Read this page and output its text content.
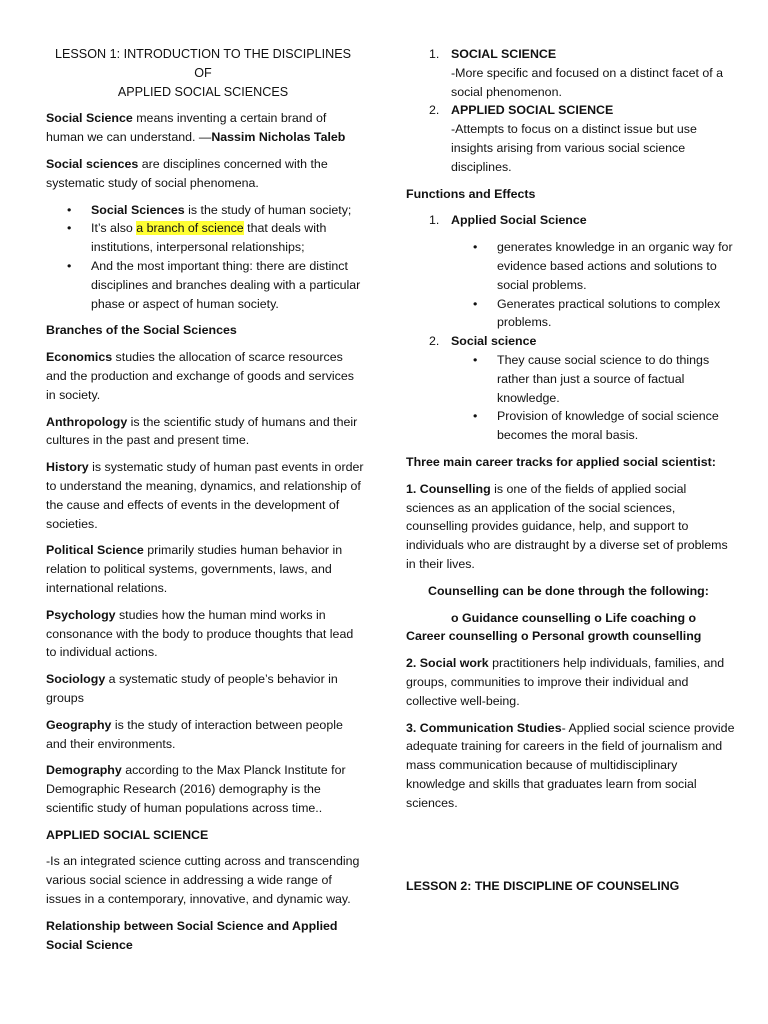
LESSON 1: INTRODUCTION TO THE DISCIPLINES OF
APPLIED SOCIAL SCIENCES

Social Science means inventing a certain brand of human we can understand. —Nassim Nicholas Taleb

Social sciences are disciplines concerned with the systematic study of social phenomena.

• Social Sciences is the study of human society;
• It’s also a branch of science that deals with institutions, interpersonal relationships;
• And the most important thing: there are distinct disciplines and branches dealing with a particular phase or aspect of human society.

Branches of the Social Sciences

Economics studies the allocation of scarce resources and the production and exchange of goods and services in society.

Anthropology is the scientific study of humans and their cultures in the past and present time.

History is systematic study of human past events in order to understand the meaning, dynamics, and relationship of the cause and effects of events in the development of societies.

Political Science primarily studies human behavior in relation to political systems, governments, laws, and international relations.

Psychology studies how the human mind works in consonance with the body to produce thoughts that lead to individual actions.

Sociology a systematic study of people’s behavior in groups

Geography is the study of interaction between people and their environments.

Demography according to the Max Planck Institute for Demographic Research (2016) demography is the scientific study of human populations across time..

APPLIED SOCIAL SCIENCE

-Is an integrated science cutting across and transcending various social science in addressing a wide range of issues in a contemporary, innovative, and dynamic way.

Relationship between Social Science and Applied Social Science

1. SOCIAL SCIENCE
-More specific and focused on a distinct facet of a social phenomenon.
2. APPLIED SOCIAL SCIENCE
-Attempts to focus on a distinct issue but use insights arising from various social science disciplines.

Functions and Effects

1. Applied Social Science
• generates knowledge in an organic way for evidence based actions and solutions to social problems.
• Generates practical solutions to complex problems.
2. Social science
• They cause social science to do things rather than just a source of factual knowledge.
• Provision of knowledge of social science becomes the moral basis.

Three main career tracks for applied social scientist:

1. Counselling is one of the fields of applied social sciences as an application of the social sciences, counselling provides guidance, help, and support to individuals who are distraught by a diverse set of problems in their lives.

Counselling can be done through the following:

o Guidance counselling o Life coaching o
Career counselling o Personal growth counselling

2. Social work practitioners help individuals, families, and groups, communities to improve their individual and collective well-being.

3. Communication Studies- Applied social science provide adequate training for careers in the field of journalism and mass communication because of multidisciplinary knowledge and skills that graduates learn from social sciences.

LESSON 2: THE DISCIPLINE OF COUNSELING
